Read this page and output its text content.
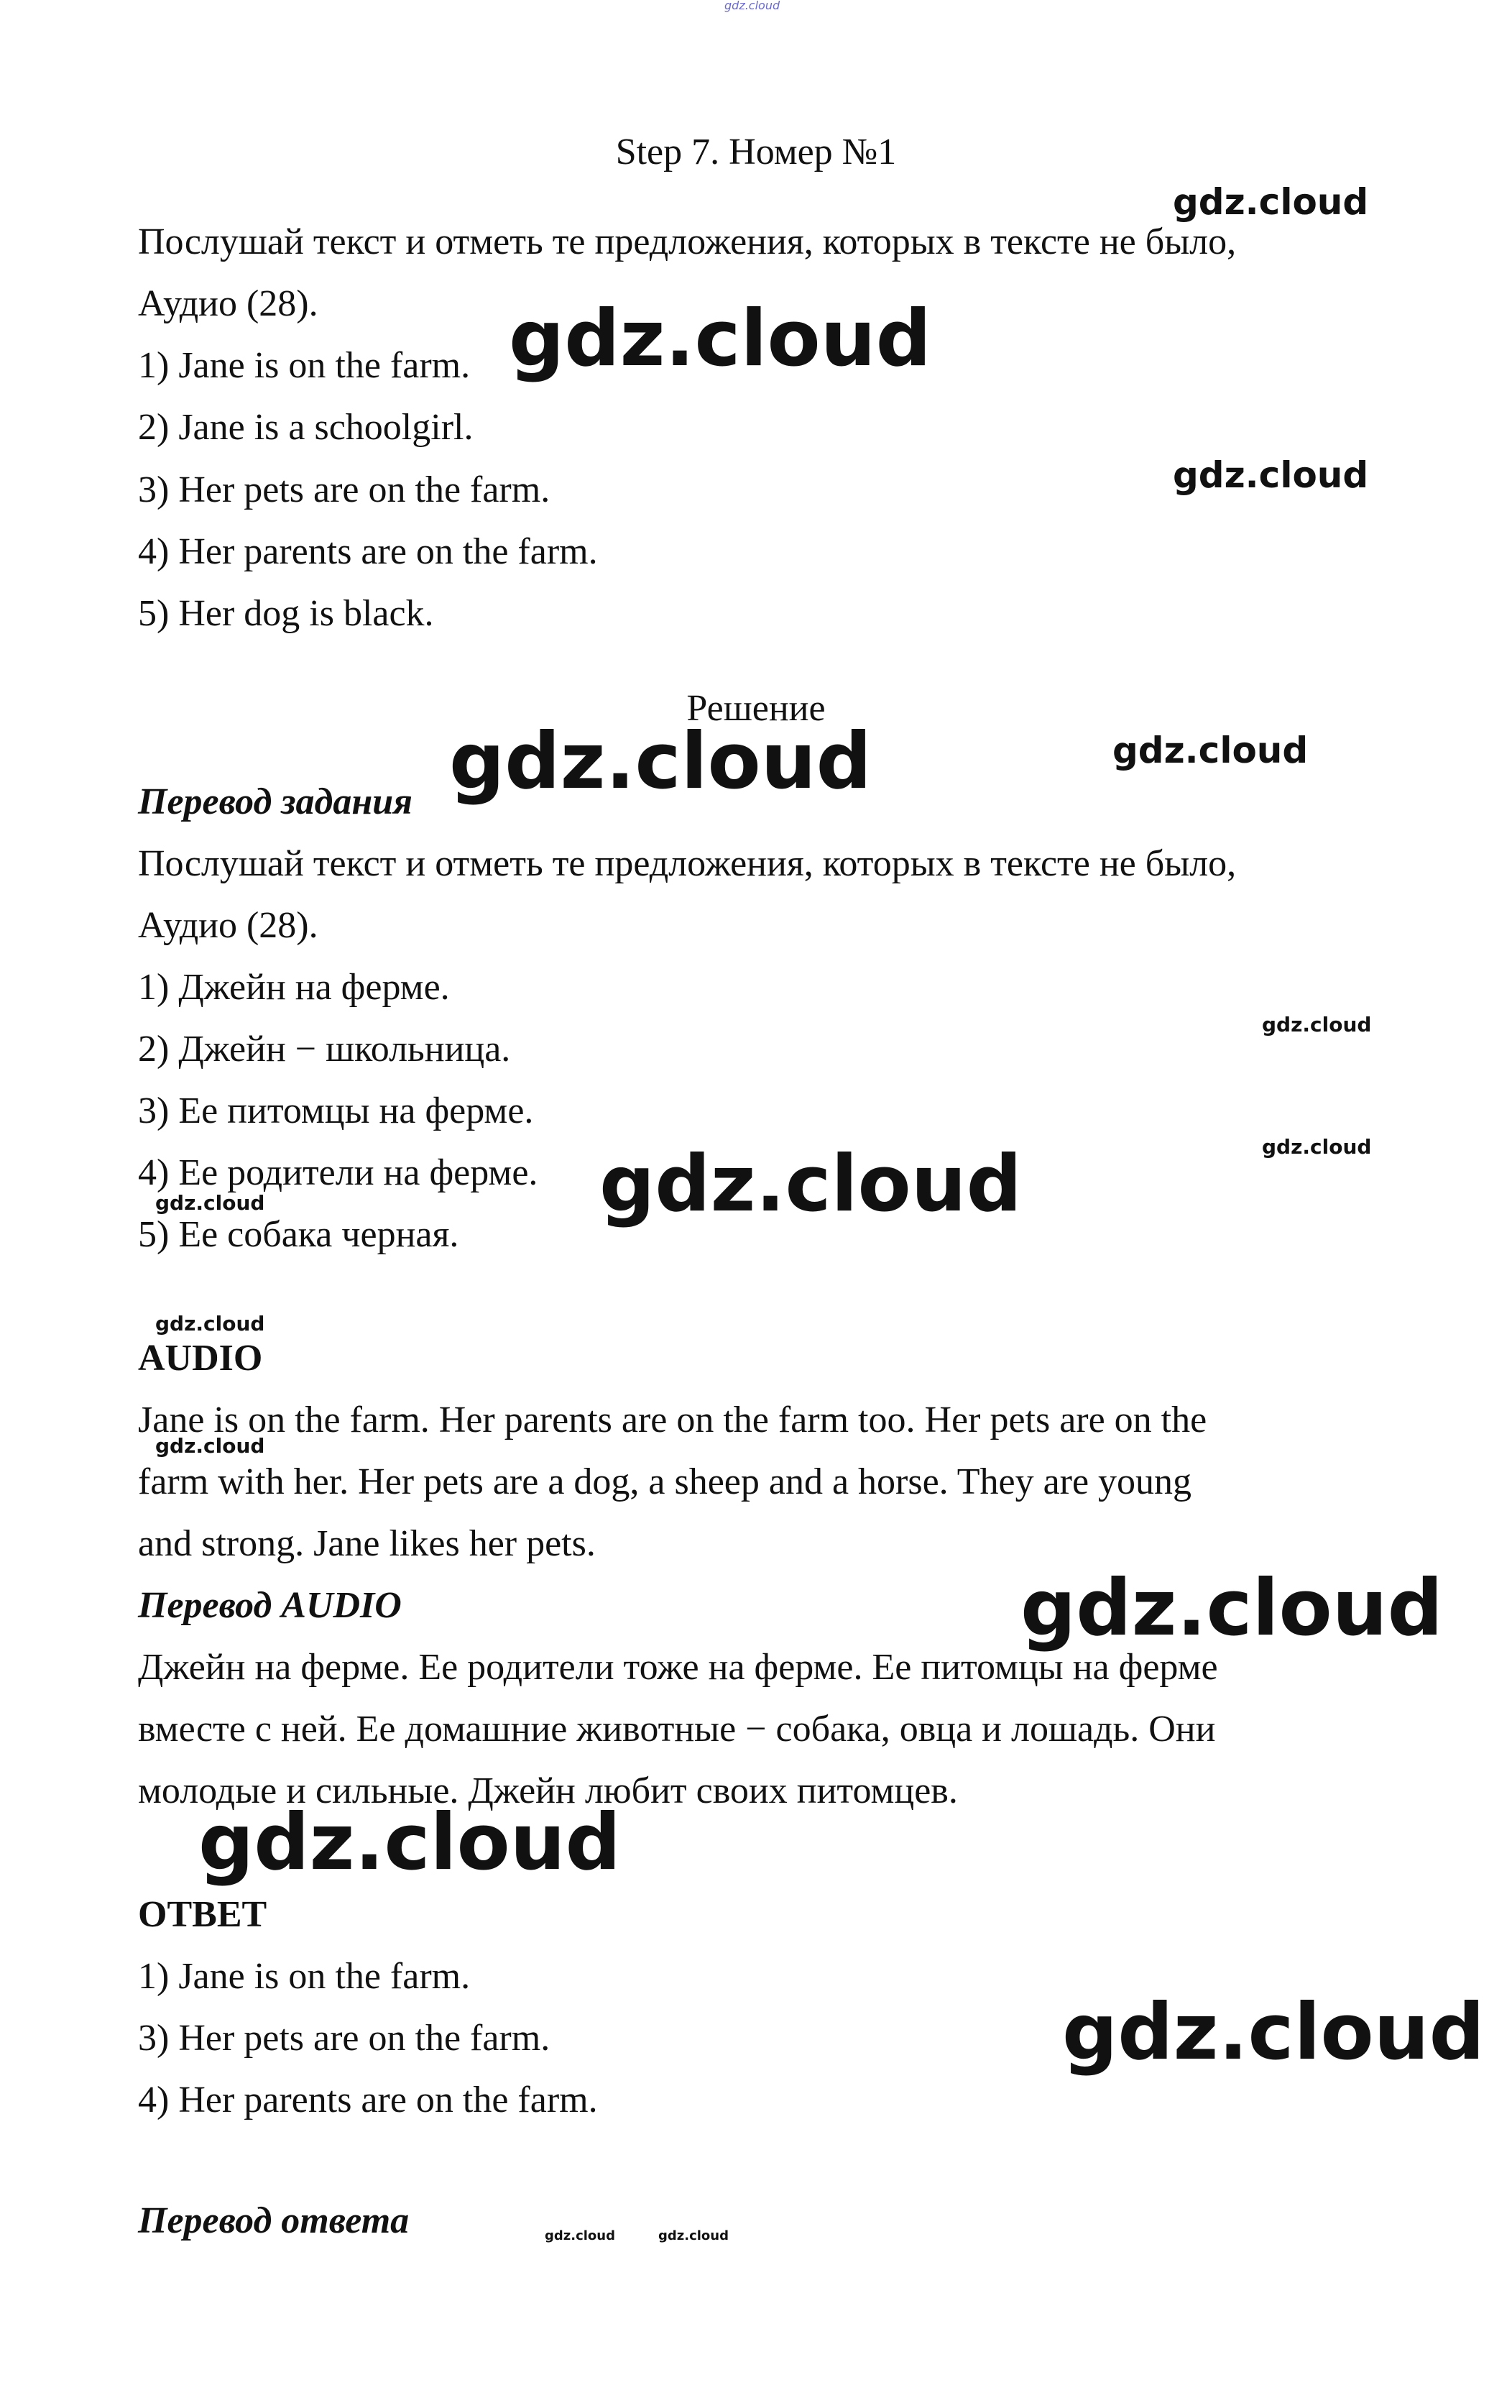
gdz.cloud
Step 7. Номер №1
Послушай текст и отметь те предложения, которых в тексте не было,
Аудио (28).
1) Jane is on the farm.
2) Jane is a schoolgirl.
3) Her pets are on the farm.
4) Her parents are on the farm.
5) Her dog is black.
Решение
Перевод задания
Послушай текст и отметь те предложения, которых в тексте не было,
Аудио (28).
1) Джейн на ферме.
2) Джейн − школьница.
3) Ее питомцы на ферме.
4) Ее родители на ферме.
5) Ее собака черная.
AUDIO
Jane is on the farm. Her parents are on the farm too. Her pets are on the
farm with her. Her pets are a dog, a sheep and a horse. They are young
and strong. Jane likes her pets.
Перевод AUDIO
Джейн на ферме. Ее родители тоже на ферме. Ее питомцы на ферме
вместе с ней. Ее домашние животные − собака, овца и лошадь. Они
молодые и сильные. Джейн любит своих питомцев.
ОТВЕТ
1) Jane is on the farm.
3) Her pets are on the farm.
4) Her parents are on the farm.
Перевод ответа
gdz.cloud
gdz.cloud
gdz.cloud
gdz.cloud	gdz.cloud
gdz.cloud
gdz.cloud
gdz.cloud
gdz.cloud
gdz.cloud
gdz.cloud
gdz.cloud
gdz.cloud
gdz.cloud
gdz.cloud	gdz.cloud
